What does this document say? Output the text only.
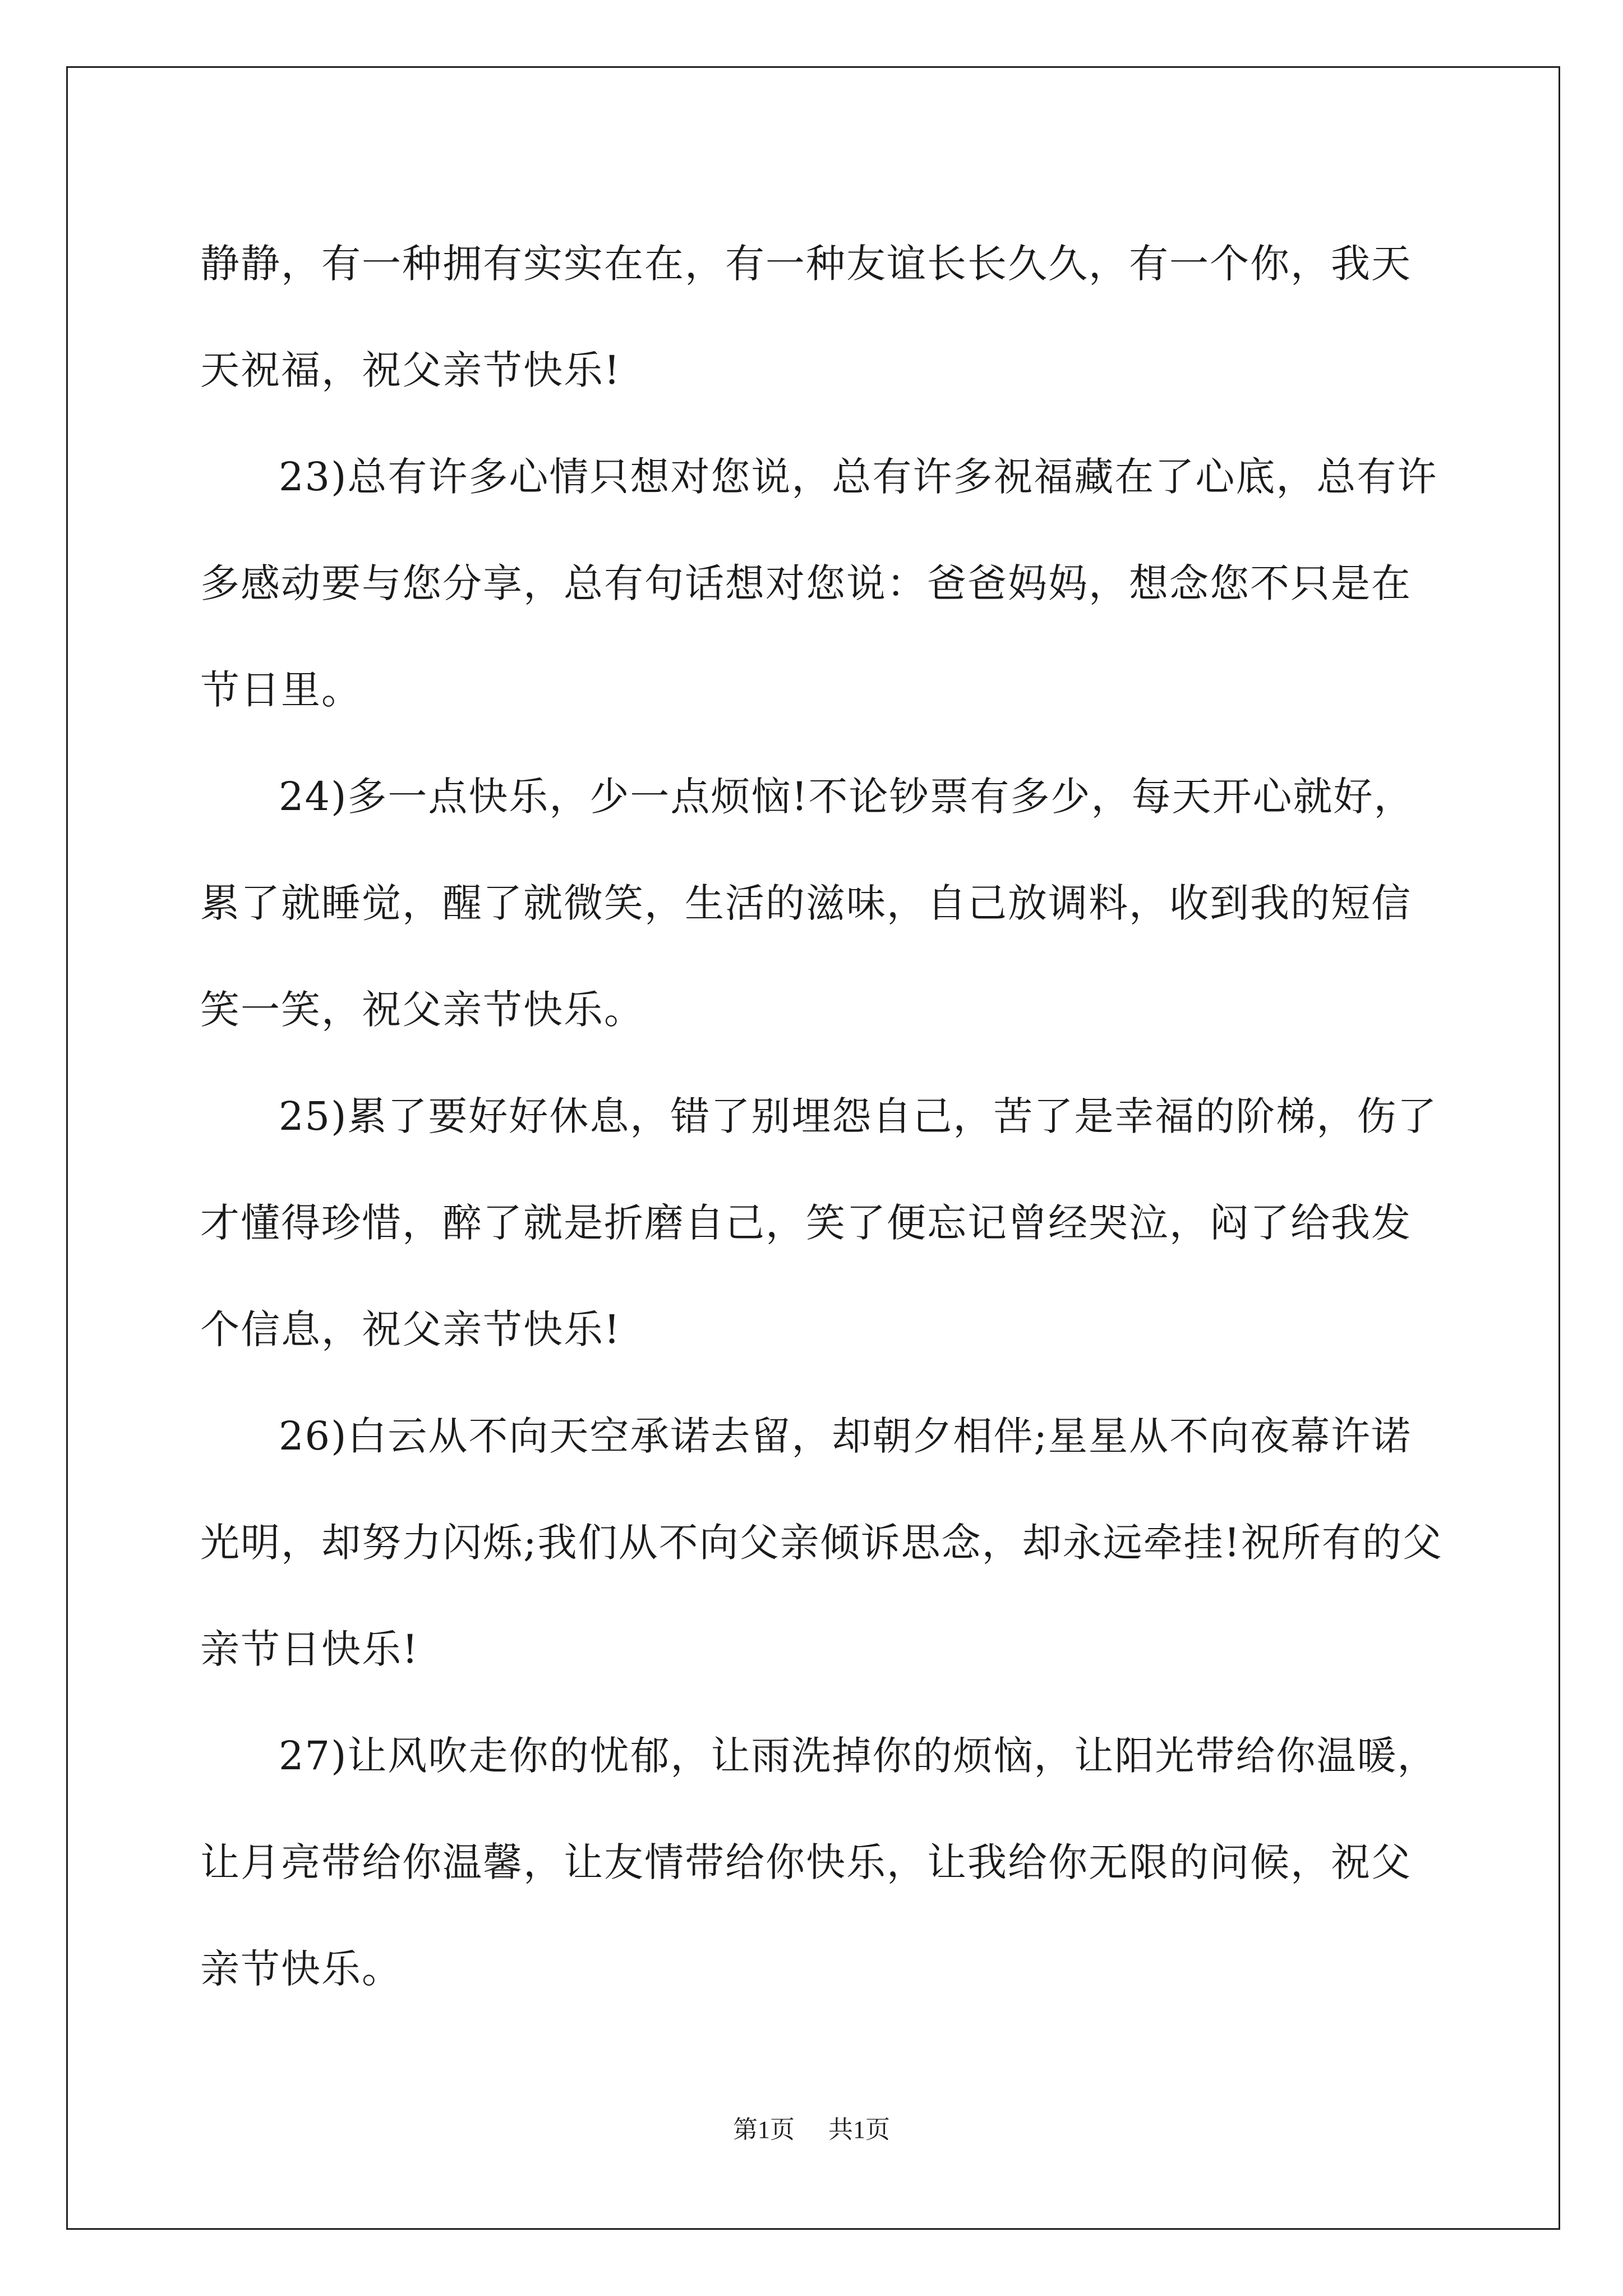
静静，有一种拥有实实在在，有一种友谊长长久久，有一个你，我天天祝福，祝父亲节快乐!

23)总有许多心情只想对您说，总有许多祝福藏在了心底，总有许多感动要与您分享，总有句话想对您说：爸爸妈妈，想念您不只是在节日里。

24)多一点快乐，少一点烦恼!不论钞票有多少，每天开心就好，累了就睡觉，醒了就微笑，生活的滋味，自己放调料，收到我的短信笑一笑，祝父亲节快乐。

25)累了要好好休息，错了别埋怨自己，苦了是幸福的阶梯，伤了才懂得珍惜，醉了就是折磨自己，笑了便忘记曾经哭泣，闷了给我发个信息，祝父亲节快乐!

26)白云从不向天空承诺去留，却朝夕相伴;星星从不向夜幕许诺光明，却努力闪烁;我们从不向父亲倾诉思念，却永远牵挂!祝所有的父亲节日快乐!

27)让风吹走你的忧郁，让雨洗掉你的烦恼，让阳光带给你温暖，让月亮带给你温馨，让友情带给你快乐，让我给你无限的问候，祝父亲节快乐。

第1页 共1页
